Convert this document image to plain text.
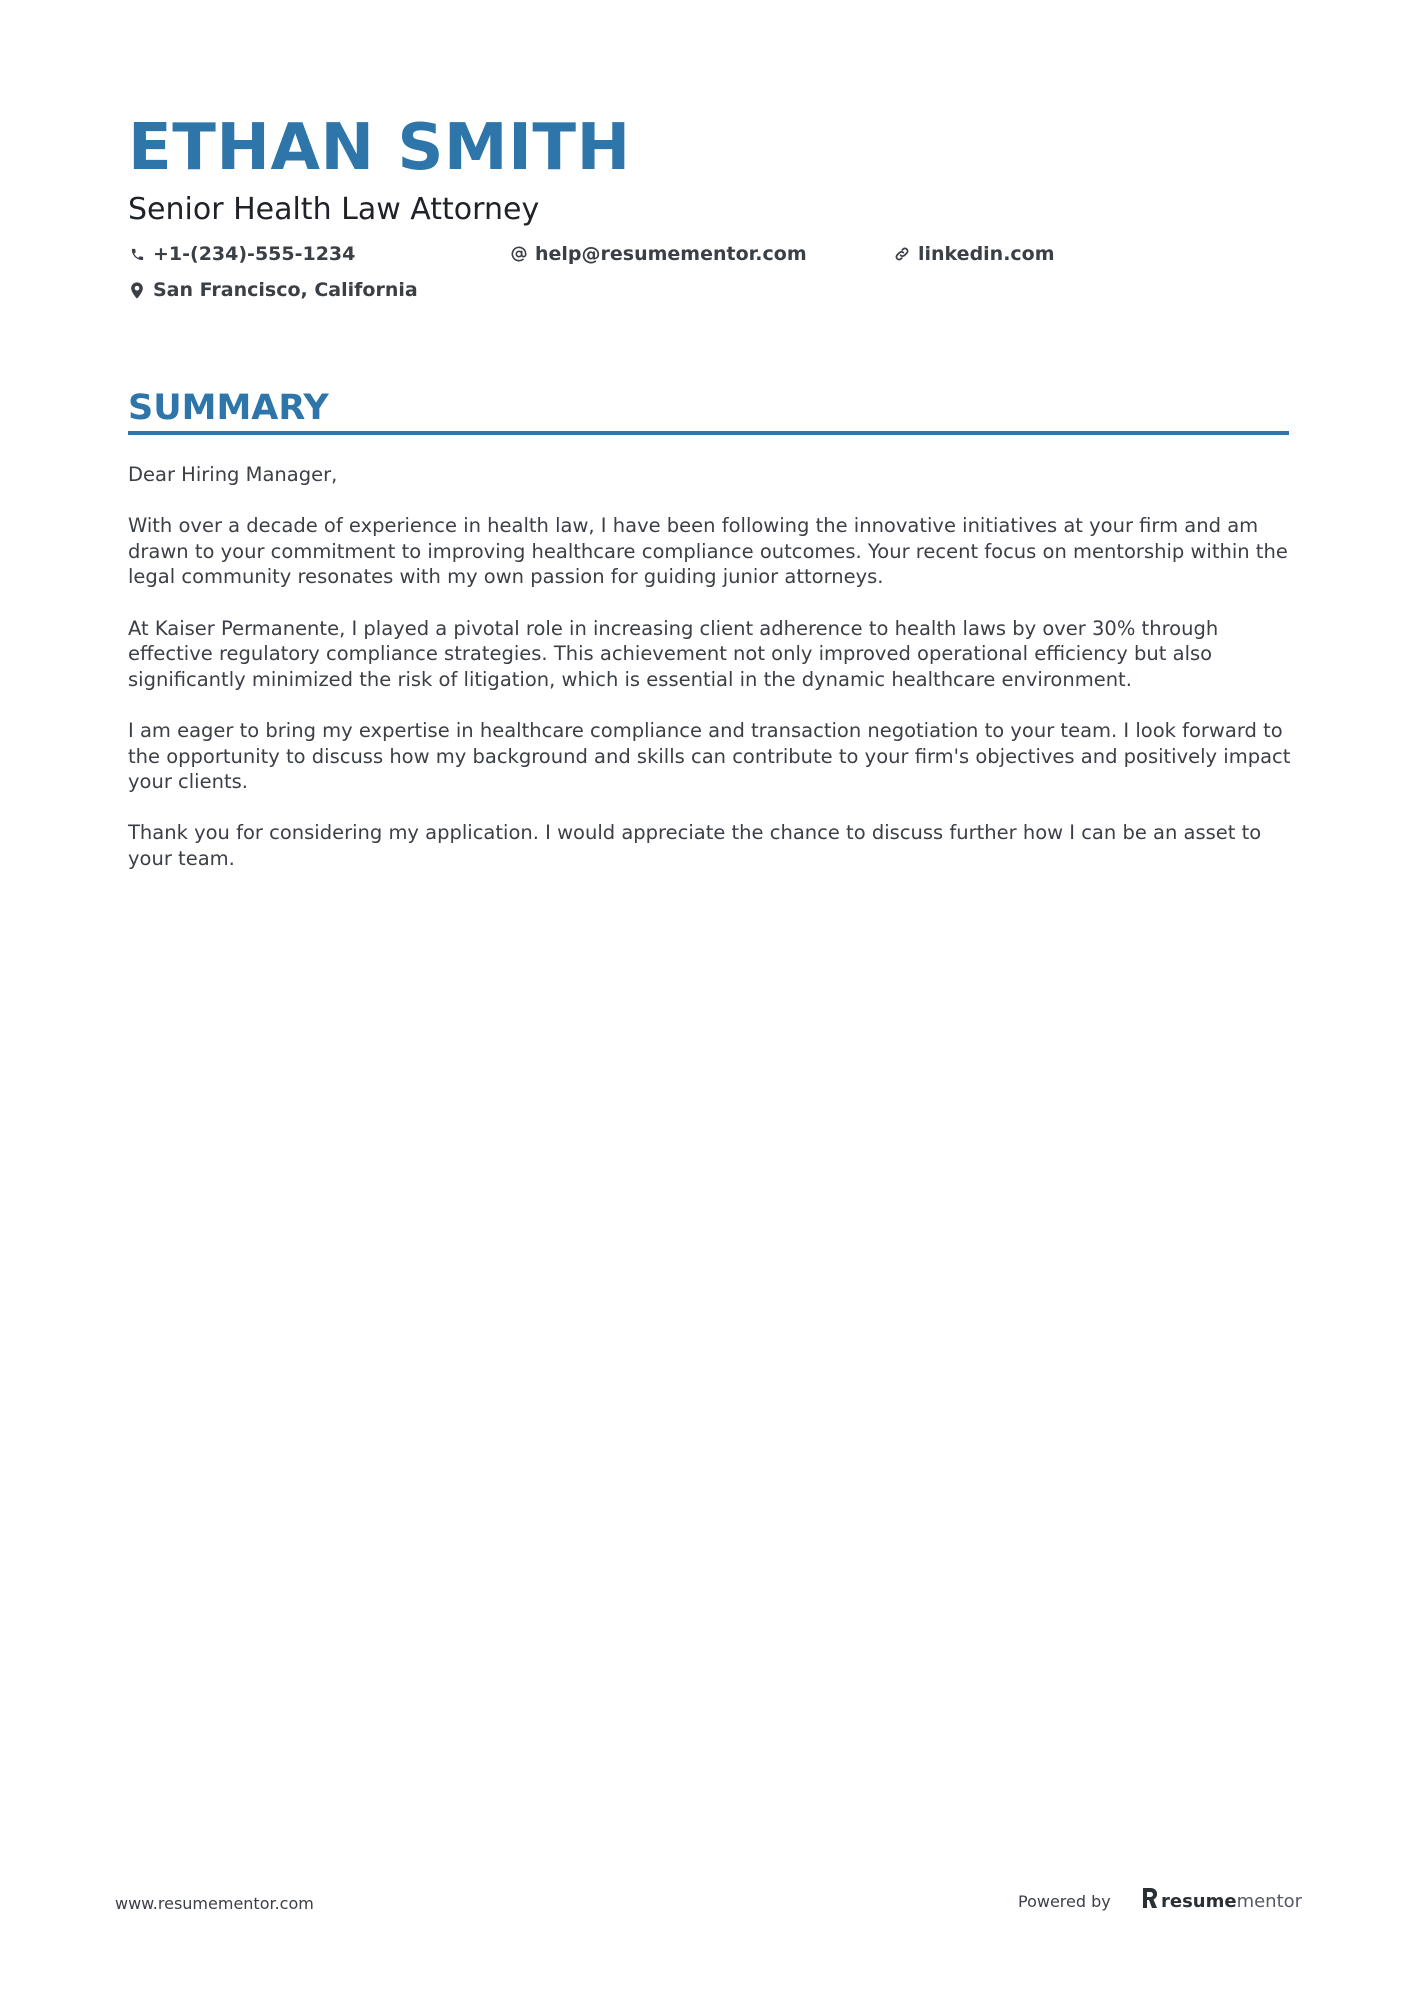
ETHAN SMITH
Senior Health Law Attorney
+1-(234)-555-1234	help@resumementor.com	linkedin.com
San Francisco, California
SUMMARY

Dear Hiring Manager,

With over a decade of experience in health law, I have been following the innovative initiatives at your firm and am drawn to your commitment to improving healthcare compliance outcomes. Your recent focus on mentorship within the legal community resonates with my own passion for guiding junior attorneys.

At Kaiser Permanente, I played a pivotal role in increasing client adherence to health laws by over 30% through effective regulatory compliance strategies. This achievement not only improved operational efficiency but also significantly minimized the risk of litigation, which is essential in the dynamic healthcare environment.

I am eager to bring my expertise in healthcare compliance and transaction negotiation to your team. I look forward to the opportunity to discuss how my background and skills can contribute to your firm's objectives and positively impact your clients.

Thank you for considering my application. I would appreciate the chance to discuss further how I can be an asset to your team.

www.resumementor.com	Powered by	resumementor
